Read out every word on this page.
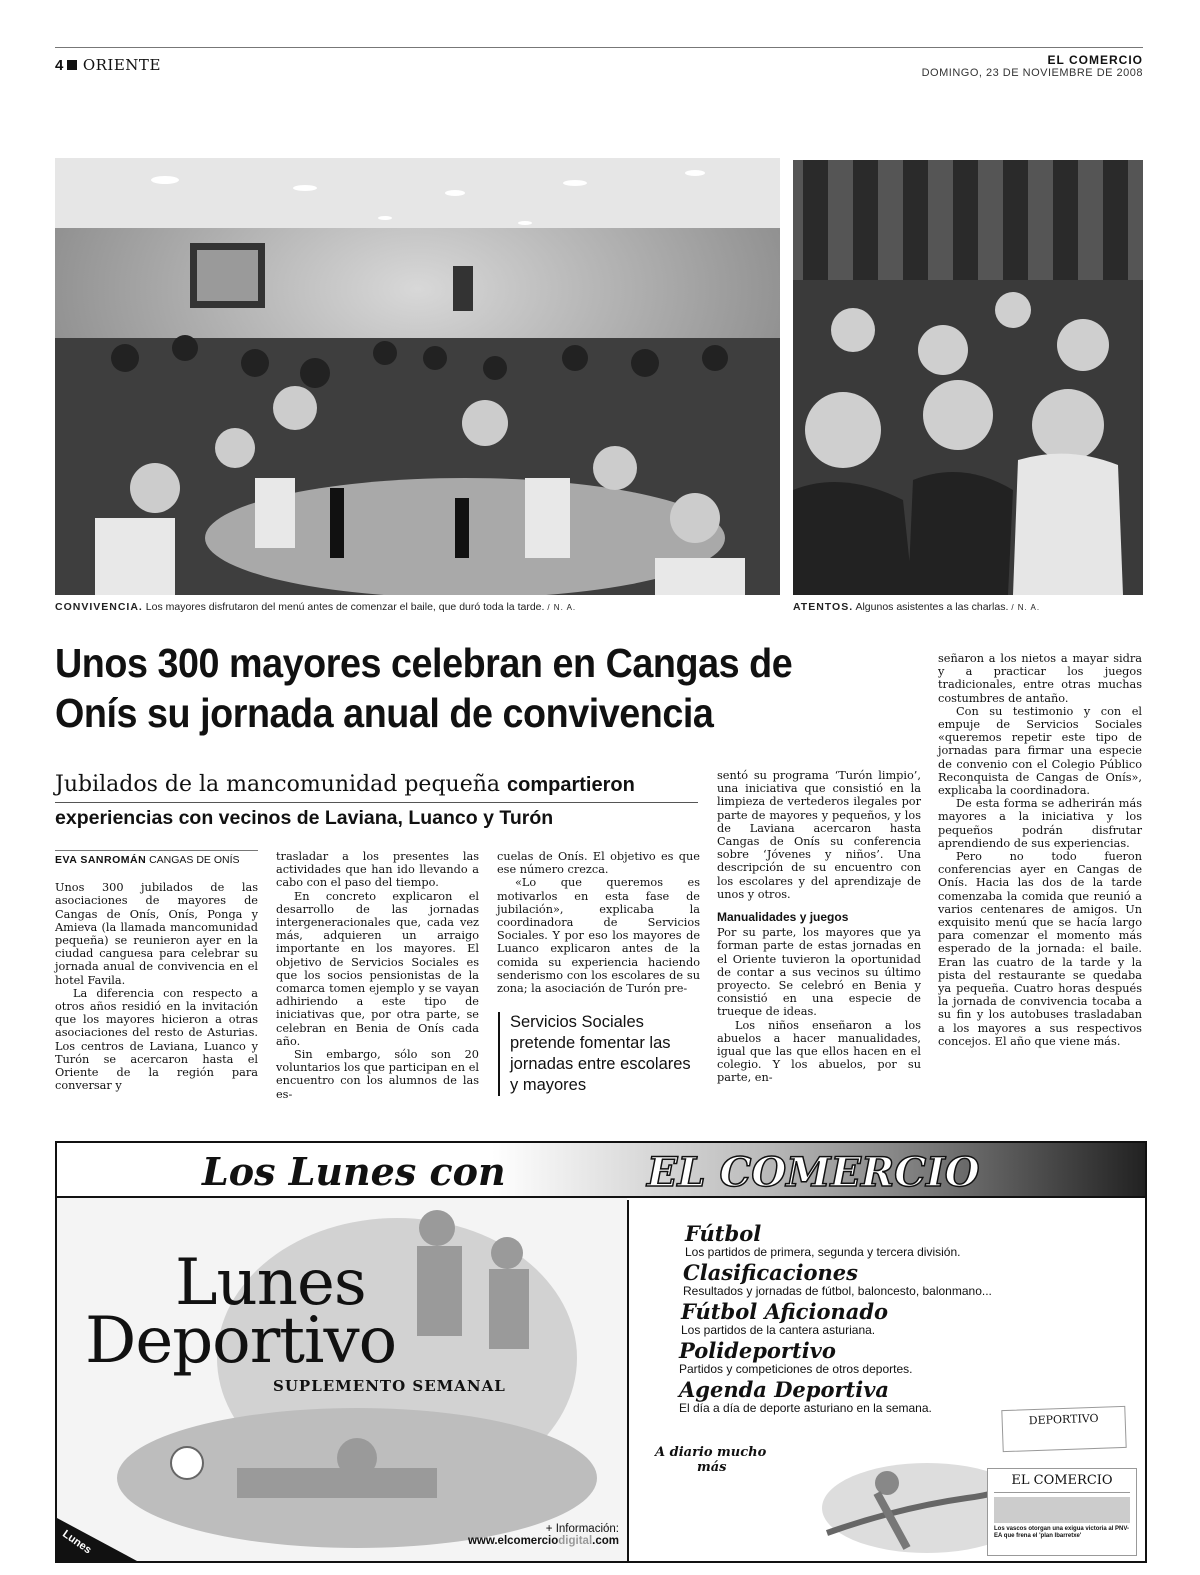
4 ORIENTE	EL COMERCIO
DOMINGO, 23 DE NOVIEMBRE DE 2008
CONVIVENCIA. Los mayores disfrutaron del menú antes de comenzar el baile, que duró toda la tarde. / N. A.	ATENTOS. Algunos asistentes a las charlas. / N. A.
Unos 300 mayores celebran en Cangas de Onís su jornada anual de convivencia
Jubilados de la mancomunidad pequeña compartieron
experiencias con vecinos de Laviana, Luanco y Turón
EVA SANROMÁN CANGAS DE ONÍS

Unos 300 jubilados de las asociaciones de mayores de Cangas de Onís, Onís, Ponga y Amieva (la llamada mancomunidad pequeña) se reunieron ayer en la ciudad canguesa para celebrar su jornada anual de convivencia en el hotel Favila.

La diferencia con respecto a otros años residió en la invitación que los mayores hicieron a otras asociaciones del resto de Asturias. Los centros de Laviana, Luanco y Turón se acercaron hasta el Oriente de la región para conversar y

trasladar a los presentes las actividades que han ido llevando a cabo con el paso del tiempo.

En concreto explicaron el desarrollo de las jornadas intergeneracionales que, cada vez más, adquieren un arraigo importante en los mayores. El objetivo de Servicios Sociales es que los socios pensionistas de la comarca tomen ejemplo y se vayan adhiriendo a este tipo de iniciativas que, por otra parte, se celebran en Benia de Onís cada año.

Sin embargo, sólo son 20 voluntarios los que participan en el encuentro con los alumnos de las es-

cuelas de Onís. El objetivo es que ese número crezca.

«Lo que queremos es motivarlos en esta fase de jubilación», explicaba la coordinadora de Servicios Sociales. Y por eso los mayores de Luanco explicaron antes de la comida su experiencia haciendo senderismo con los escolares de su zona; la asociación de Turón pre-

Servicios Sociales pretende fomentar las jornadas entre escolares y mayores

sentó su programa ‘Turón limpio’, una iniciativa que consistió en la limpieza de vertederos ilegales por parte de mayores y pequeños, y los de Laviana acercaron hasta Cangas de Onís su conferencia sobre ‘Jóvenes y niños’. Una descripción de su encuentro con los escolares y del aprendizaje de unos y otros.

Manualidades y juegos

Por su parte, los mayores que ya forman parte de estas jornadas en el Oriente tuvieron la oportunidad de contar a sus vecinos su último proyecto. Se celebró en Benia y consistió en una especie de trueque de ideas.

Los niños enseñaron a los abuelos a hacer manualidades, igual que las que ellos hacen en el colegio. Y los abuelos, por su parte, en-

señaron a los nietos a mayar sidra y a practicar los juegos tradicionales, entre otras muchas costumbres de antaño.

Con su testimonio y con el empuje de Servicios Sociales «queremos repetir este tipo de jornadas para firmar una especie de convenio con el Colegio Público Reconquista de Cangas de Onís», explicaba la coordinadora.

De esta forma se adherirán más mayores a la iniciativa y los pequeños podrán disfrutar aprendiendo de sus experiencias.

Pero no todo fueron conferencias ayer en Cangas de Onís. Hacia las dos de la tarde comenzaba la comida que reunió a varios centenares de amigos. Un exquisito menú que se hacía largo para comenzar el momento más esperado de la jornada: el baile. Eran las cuatro de la tarde y la pista del restaurante se quedaba ya pequeña. Cuatro horas después la jornada de convivencia tocaba a su fin y los autobuses trasladaban a los mayores a sus respectivos concejos. El año que viene más.

Los Lunes con	EL COMERCIO
Lunes
Deportivo
SUPLEMENTO SEMANAL
Lunes	+ Información:
www.elcomerciodigital.com
Fútbol
Los partidos de primera, segunda y tercera división.
Clasificaciones
Resultados y jornadas de fútbol, baloncesto, balonmano...
Fútbol Aficionado
Los partidos de la cantera asturiana.
Polideportivo
Partidos y competiciones de otros deportes.
Agenda Deportiva
El día a día de deporte asturiano en la semana.
A diario mucho
más
DEPORTIVO
EL COMERCIO
Los vascos otorgan una exigua victoria al PNV-EA que frena el 'plan Ibarretxe'
